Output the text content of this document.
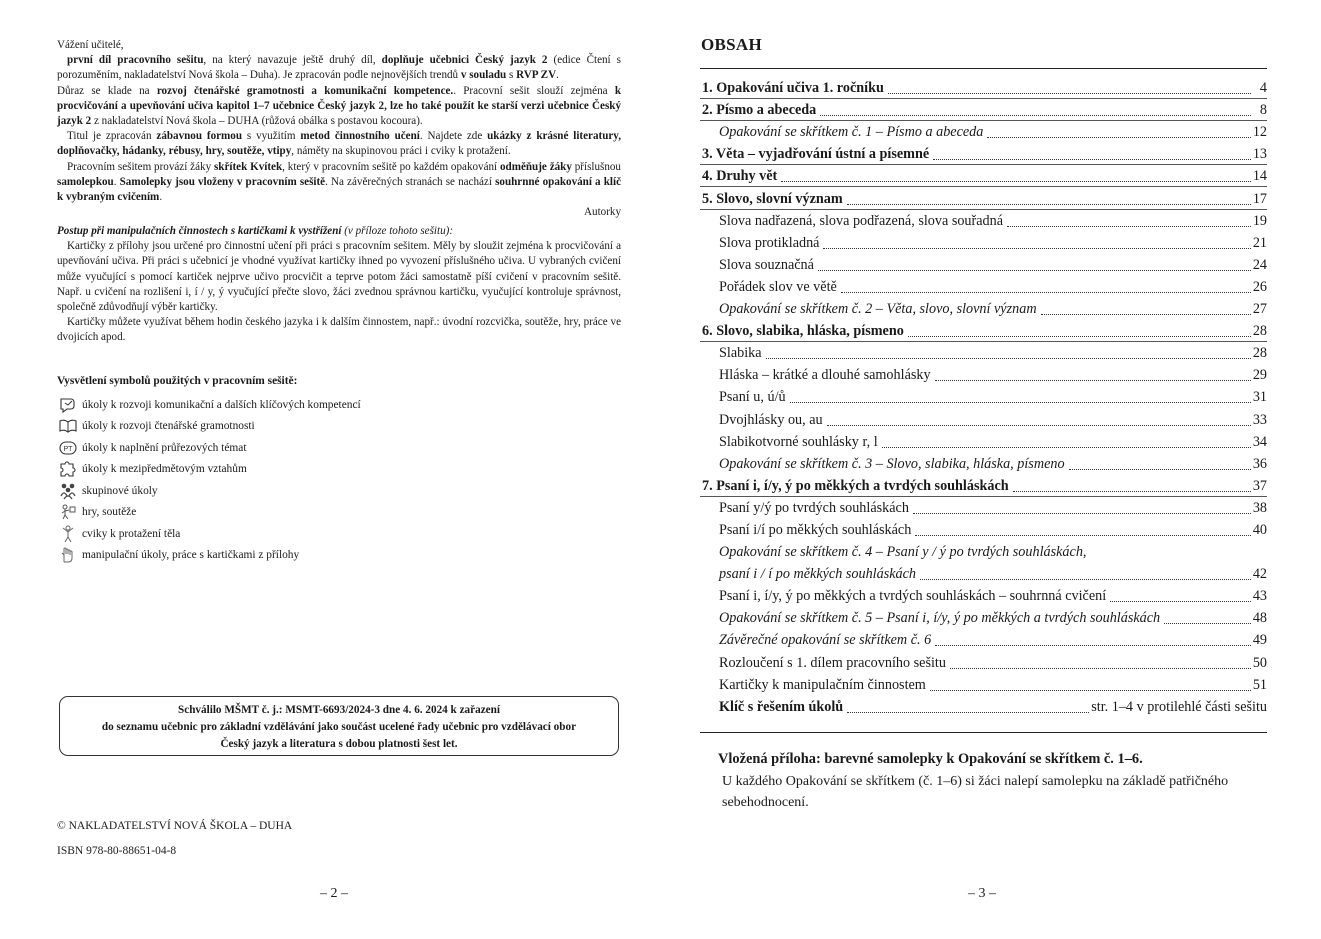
Vážení učitelé,

první díl pracovního sešitu, na který navazuje ještě druhý díl, doplňuje učebnici Český jazyk 2 (edice Čtení s porozuměním, nakladatelství Nová škola – Duha). Je zpracován podle nejnovějších trendů v souladu s RVP ZV.

Důraz se klade na rozvoj čtenářské gramotnosti a komunikační kompetence.. Pracovní sešit slouží zejména k procvičování a upevňování učiva kapitol 1–7 učebnice Český jazyk 2, lze ho také použít ke starší verzi učebnice Český jazyk 2 z nakladatelství Nová škola – DUHA (růžová obálka s postavou kocoura).

Titul je zpracován zábavnou formou s využitím metod činnostního učení. Najdete zde ukázky z krásné literatury, doplňovačky, hádanky, rébusy, hry, soutěže, vtipy, náměty na skupinovou práci i cviky k protažení.

Pracovním sešitem provází žáky skřítek Kvítek, který v pracovním sešitě po každém opakování odměňuje žáky příslušnou samolepkou. Samolepky jsou vloženy v pracovním sešitě. Na závěrečných stranách se nachází souhrnné opakování a klíč k vybraným cvičením.

Autorky

Postup při manipulačních činnostech s kartičkami k vystřížení (v příloze tohoto sešitu):

Kartičky z přílohy jsou určené pro činnostní učení při práci s pracovním sešitem. Měly by sloužit zejména k procvičování a upevňování učiva. Při práci s učebnicí je vhodné využívat kartičky ihned po vyvození příslušného učiva. U vybraných cvičení může vyučující s pomocí kartiček nejprve učivo procvičit a teprve potom žáci samostatně píší cvičení v pracovním sešitě. Např. u cvičení na rozlišení i, í / y, ý vyučující přečte slovo, žáci zvednou správnou kartičku, vyučující kontroluje správnost, společně zdůvodňují výběr kartičky.

Kartičky můžete využívat během hodin českého jazyka i k dalším činnostem, např.: úvodní rozcvička, soutěže, hry, práce ve dvojicích apod.

Vysvětlení symbolů použitých v pracovním sešitě:
úkoly k rozvoji komunikační a dalších klíčových kompetencí
úkoly k rozvoji čtenářské gramotnosti
PT úkoly k naplnění průřezových témat
úkoly k mezipředmětovým vztahům
skupinové úkoly
hry, soutěže
cviky k protažení těla
manipulační úkoly, práce s kartičkami z přílohy
Schválilo MŠMT č. j.: MSMT-6693/2024-3 dne 4. 6. 2024 k zařazení
do seznamu učebnic pro základní vzdělávání jako součást ucelené řady učebnic pro vzdělávací obor
Český jazyk a literatura s dobou platnosti šest let.
© NAKLADATELSTVÍ NOVÁ ŠKOLA – DUHA
ISBN 978-80-88651-04-8
– 2 –
OBSAH
1. Opakování učiva 1. ročníku	4
2. Písmo a abeceda	8
Opakování se skřítkem č. 1 – Písmo a abeceda	12
3. Věta – vyjadřování ústní a písemné	13
4. Druhy vět	14
5. Slovo, slovní význam	17
Slova nadřazená, slova podřazená, slova souřadná	19
Slova protikladná	21
Slova souznačná	24
Pořádek slov ve větě	26
Opakování se skřítkem č. 2 – Věta, slovo, slovní význam	27
6. Slovo, slabika, hláska, písmeno	28
Slabika	28
Hláska – krátké a dlouhé samohlásky	29
Psaní u, ú/ů	31
Dvojhlásky ou, au	33
Slabikotvorné souhlásky r, l	34
Opakování se skřítkem č. 3 – Slovo, slabika, hláska, písmeno	36
7. Psaní i, í/y, ý po měkkých a tvrdých souhláskách	37
Psaní y/ý po tvrdých souhláskách	38
Psaní i/í po měkkých souhláskách	40
Opakování se skřítkem č. 4 – Psaní y / ý po tvrdých souhláskách,
psaní i / í po měkkých souhláskách	42
Psaní i, í/y, ý po měkkých a tvrdých souhláskách – souhrnná cvičení	43
Opakování se skřítkem č. 5 – Psaní i, í/y, ý po měkkých a tvrdých souhláskách	48
Závěrečné opakování se skřítkem č. 6	49
Rozloučení s 1. dílem pracovního sešitu	50
Kartičky k manipulačním činnostem	51
Klíč s řešením úkolů	str. 1–4 v protilehlé části sešitu
Vložená příloha: barevné samolepky k Opakování se skřítkem č. 1–6.
U každého Opakování se skřítkem (č. 1–6) si žáci nalepí samolepku na základě patřičného sebehodnocení.
– 3 –
